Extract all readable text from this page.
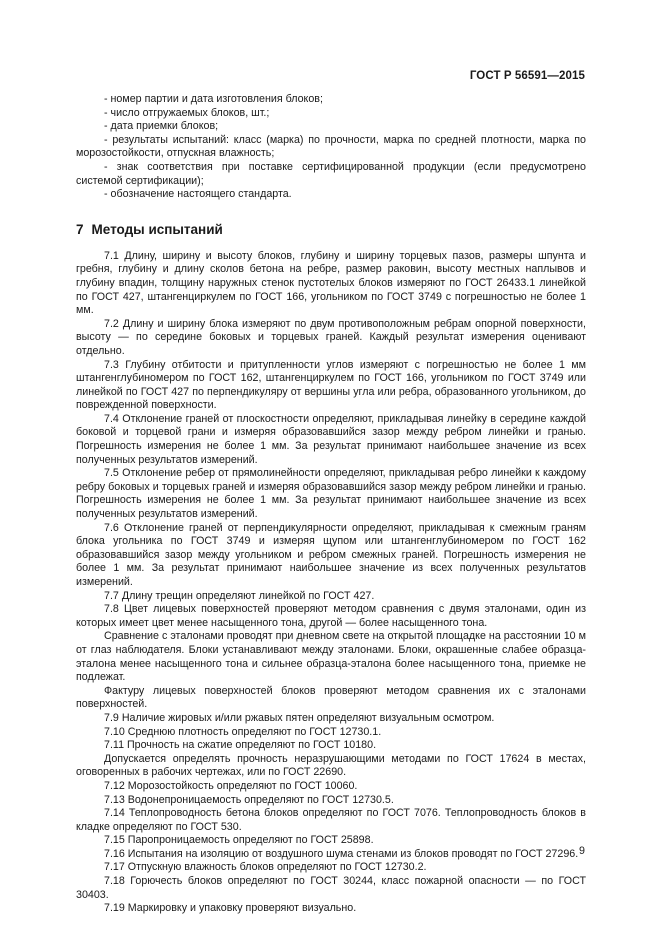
ГОСТ Р 56591—2015

- номер партии и дата изготовления блоков;

- число отгружаемых блоков, шт.;

- дата приемки блоков;

- результаты испытаний: класс (марка) по прочности, марка по средней плотности, марка по морозостойкости, отпускная влажность;

- знак соответствия при поставке сертифицированной продукции (если предусмотрено системой сертификации);

- обозначение настоящего стандарта.

7 Методы испытаний

7.1 Длину, ширину и высоту блоков, глубину и ширину торцевых пазов, размеры шпунта и гребня, глубину и длину сколов бетона на ребре, размер раковин, высоту местных наплывов и глубину впадин, толщину наружных стенок пустотелых блоков измеряют по ГОСТ 26433.1 линейкой по ГОСТ 427, штангенциркулем по ГОСТ 166, угольником по ГОСТ 3749 с погрешностью не более 1 мм.

7.2 Длину и ширину блока измеряют по двум противоположным ребрам опорной поверхности, высоту — по середине боковых и торцевых граней. Каждый результат измерения оценивают отдельно.

7.3 Глубину отбитости и притупленности углов измеряют с погрешностью не более 1 мм штангенглубиномером по ГОСТ 162, штангенциркулем по ГОСТ 166, угольником по ГОСТ 3749 или линейкой по ГОСТ 427 по перпендикуляру от вершины угла или ребра, образованного угольником, до поврежденной поверхности.

7.4 Отклонение граней от плоскостности определяют, прикладывая линейку в середине каждой боковой и торцевой грани и измеряя образовавшийся зазор между ребром линейки и гранью. Погрешность измерения не более 1 мм. За результат принимают наибольшее значение из всех полученных результатов измерений.

7.5 Отклонение ребер от прямолинейности определяют, прикладывая ребро линейки к каждому ребру боковых и торцевых граней и измеряя образовавшийся зазор между ребром линейки и гранью. Погрешность измерения не более 1 мм. За результат принимают наибольшее значение из всех полученных результатов измерений.

7.6 Отклонение граней от перпендикулярности определяют, прикладывая к смежным граням блока угольника по ГОСТ 3749 и измеряя щупом или штангенглубиномером по ГОСТ 162 образовавшийся зазор между угольником и ребром смежных граней. Погрешность измерения не более 1 мм. За результат принимают наибольшее значение из всех полученных результатов измерений.

7.7 Длину трещин определяют линейкой по ГОСТ 427.

7.8 Цвет лицевых поверхностей проверяют методом сравнения с двумя эталонами, один из которых имеет цвет менее насыщенного тона, другой — более насыщенного тона.

Сравнение с эталонами проводят при дневном свете на открытой площадке на расстоянии 10 м от глаз наблюдателя. Блоки устанавливают между эталонами. Блоки, окрашенные слабее образца-эталона менее насыщенного тона и сильнее образца-эталона более насыщенного тона, приемке не подлежат.

Фактуру лицевых поверхностей блоков проверяют методом сравнения их с эталонами поверхностей.

7.9 Наличие жировых и/или ржавых пятен определяют визуальным осмотром.

7.10 Среднюю плотность определяют по ГОСТ 12730.1.

7.11 Прочность на сжатие определяют по ГОСТ 10180.

Допускается определять прочность неразрушающими методами по ГОСТ 17624 в местах, оговоренных в рабочих чертежах, или по ГОСТ 22690.

7.12 Морозостойкость определяют по ГОСТ 10060.

7.13 Водонепроницаемость определяют по ГОСТ 12730.5.

7.14 Теплопроводность бетона блоков определяют по ГОСТ 7076. Теплопроводность блоков в кладке определяют по ГОСТ 530.

7.15 Паропроницаемость определяют по ГОСТ 25898.

7.16 Испытания на изоляцию от воздушного шума стенами из блоков проводят по ГОСТ 27296.

7.17 Отпускную влажность блоков определяют по ГОСТ 12730.2.

7.18 Горючесть блоков определяют по ГОСТ 30244, класс пожарной опасности — по ГОСТ 30403.

7.19 Маркировку и упаковку проверяют визуально.

9
